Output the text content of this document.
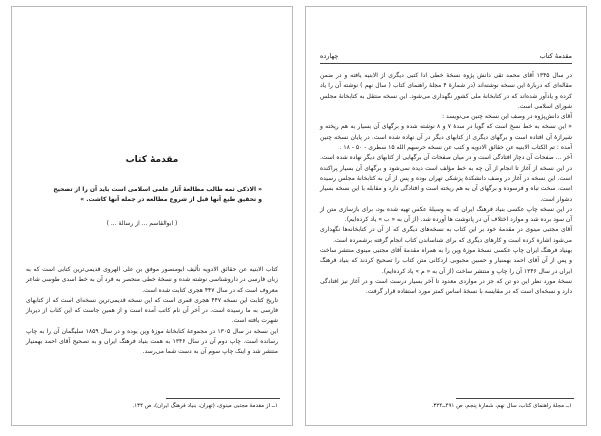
مقدمهٔ کتاب
« الاذکی ثمه طالب مطالعهٔ آثار علمی اسلامی است باید آن را از تصحیح و تحقیق طبع آنها قبل از شروع مطالعه در جمله آنها کاشت. »
( ابوالقاسم ... از رسالهٔ ... )

کتاب الابنیه عن حقائق الادویه تألیف ابومنصور موفق بن علی الهروی قدیمی‌ترین کتابی است که به زبان فارسی در داروشناسی نوشته شده و نسخهٔ خطی منحصر به فرد آن به خط اسدی طوسی شاعر معروف است که در سال ۴۴۷ هجری کتابت شده است.

تاریخ کتابت این نسخه ۴۴۷ هجری قمری است که این نسخه قدیمی‌ترین نسخه‌ای است که از کتابهای فارسی به ما رسیده است. در آخر آن نام کاتب آمده است و از همین جاست که این کتاب از دیرباز شهرت یافته است.

این نسخه در سال ۱۳۰۵ در مجموعهٔ کتابخانهٔ موزهٔ وین بوده و در سال ۱۸۵۹ سلیگمان آن را به چاپ رسانده است. چاپ دوم آن در سال ۱۳۴۶ به همت بنیاد فرهنگ ایران و به تصحیح آقای احمد بهمنیار منتشر شد و اینک چاپ سوم آن به دست شما می‌رسد.

۱ــ از مقدمهٔ مجتبی مینوی، (تهران، بنیاد فرهنگ ایران)، ص ۱۳۴.
چهارده	مقدمهٔ کتاب

در سال ۱۳۴۵ آقای محمد تقی دانش پژوه نسخهٔ خطی ادا کتبی دیگری از الابنیه یافته و در ضمن مقاله‌ای که دربارهٔ این نسخه نوشته‌اند (در شمارهٔ ۴ مجلهٔ راهنمای کتاب ( سال نهم ) نوشته آن را یاد کرده و یادآور شده‌اند که در کتابخانهٔ ملی کشور نگهداری می‌شود. این نسخه منتقل به کتابخانهٔ مجلس شورای اسلامی است.

آقای دانش‌پژوه در وصف این نسخه چنین می‌نویسد :

« این نسخه به خط نسخ است که گویا در سدهٔ ۷ و ۸ نوشته شده و برگهای آن بسیار به هم ریخته و شیرازهٔ آن افتاده است و برگهای دیگری از کتابهای دیگر در آن نهاده شده است. در پایان نسخه چنین آمده : تم الکتاب الابنیه عن حقائق الادویه و کتب عن نسخه حرسهم الله ۱۵ سطری - ۵۰ - ۱۸ .

آخر ... صفحات آن دچار افتادگی است و در میان صفحات آن برگهایی از کتابهای دیگر نهاده شده است. در این نسخه از آغاز تا انجام از آن چه به خط مؤلف است دیده نمی‌شود و برگهای آن بسیار پراکنده است. این نسخه در آغاز در وصف دانشکدهٔ پزشکی تهران بوده و پس از آن به کتابخانهٔ مجلس رسیده است. سخت تباه و فرسوده و برگهای آن به هم ریخته است و افتادگی دارد و مقابله با این نسخه بسیار دشوار است.

در این نسخه چاپ عکسی بنیاد فرهنگ ایران که به وسیلهٔ عکس تهیه شده بود، برای بازسازی متن از آن سود برده شد و موارد اختلاف آن در پانوشت ها آورده شد. (از آن به « ب » یاد کرده‌ایم).

آقای مجتبی مینوی در مقدمهٔ خود بر این کتاب به نسخه‌های دیگری که از آن در کتابخانه‌ها نگهداری می‌شود اشاره کرده است و کارهای دیگری که برای شناساندن کتاب انجام گرفته برشمرده است.

بهنیاد فرهنگ ایران چاپ عکسی نسخهٔ موزهٔ وین را به همراه مقدمهٔ آقای مجتبی مینوی منتشر ساخت و پس از آن آقای احمد بهمنیار و حسین محبوبی اردکانی متن کتاب را تصحیح کردند که بنیاد فرهنگ ایران در سال ۱۳۴۶ آن را چاپ و منتشر ساخت (از آن به « م » یاد کرده‌ایم).

نسخهٔ مورد نظر این دو تن که جز در مواردی معدود تا آخر بسیار درست است و در آغاز نیز افتادگی دارد و نسخه‌ای است که در مقایسه با نسخهٔ اساس کمتر مورد استفاده قرار گرفت.

۱ــ مجلهٔ راهنمای کتاب، سال نهم، شمارهٔ پنجم، ص ۴۹۱ــ۳۲۴.
